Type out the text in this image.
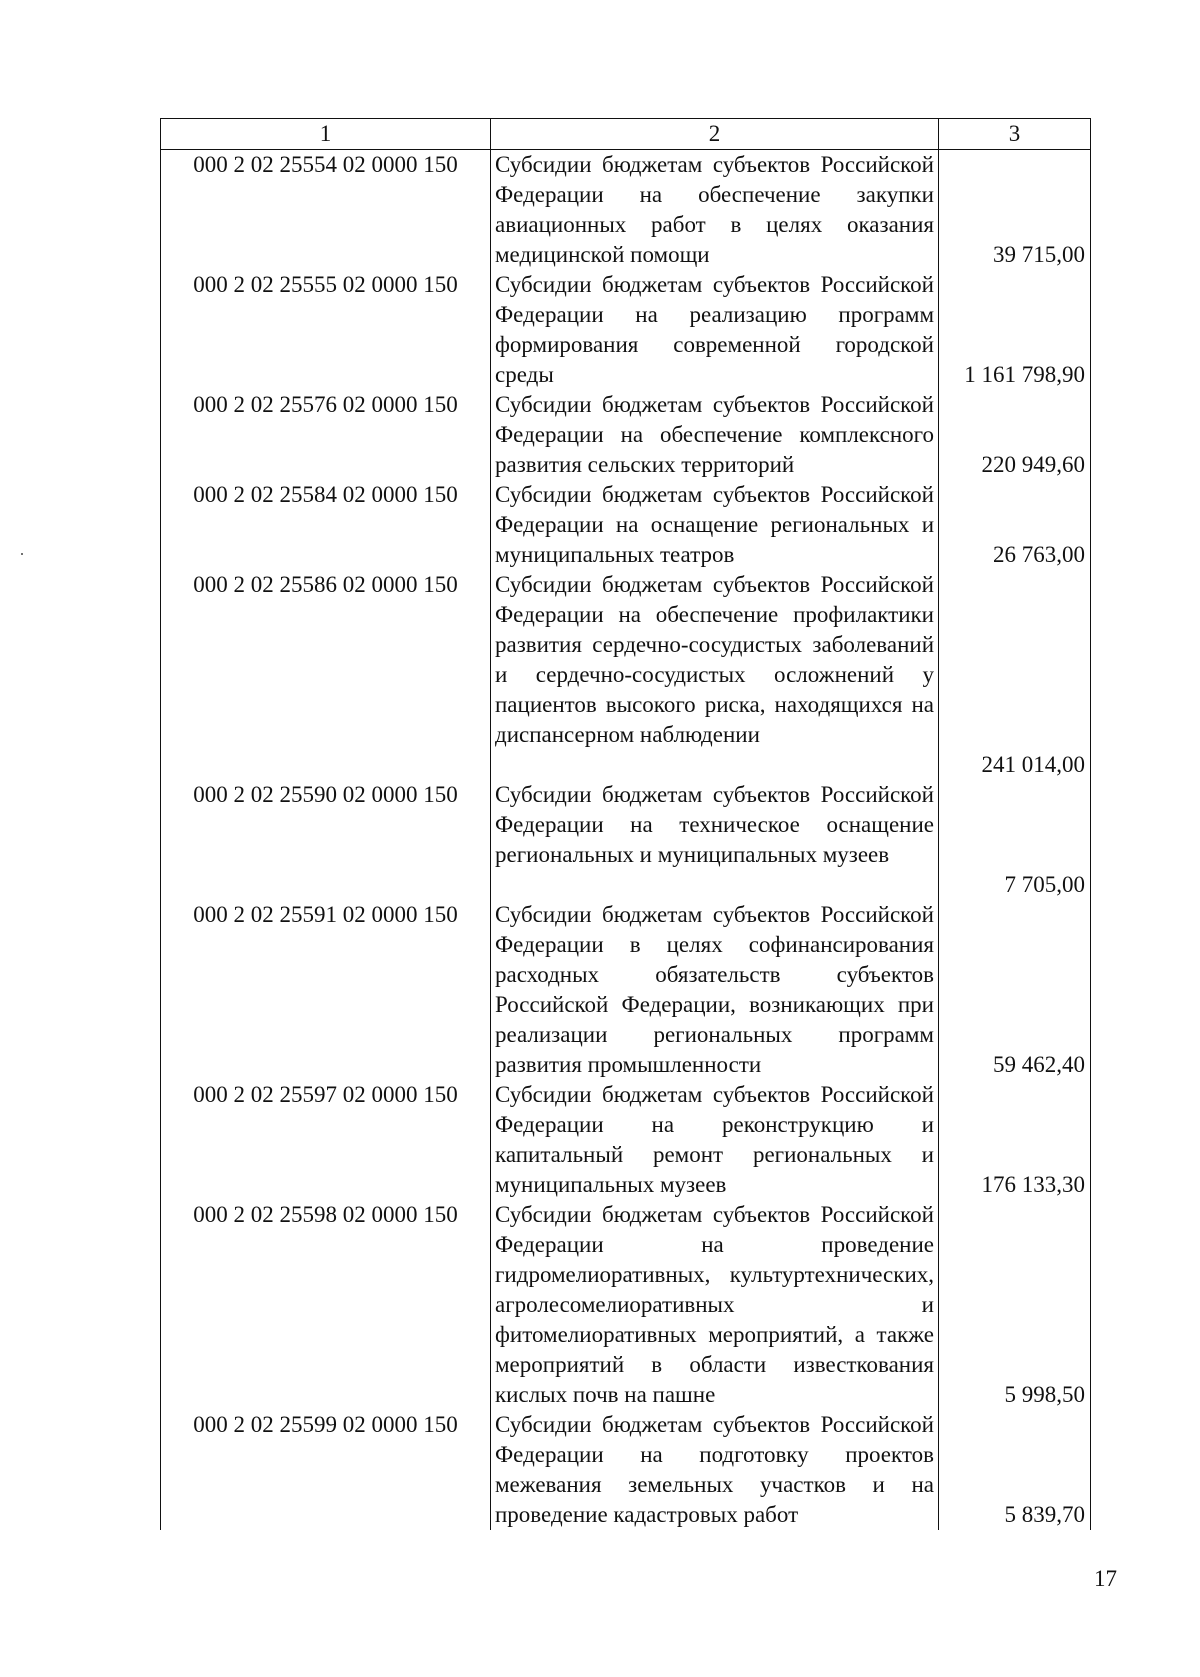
1	2	3
000 2 02 25554 02 0000 150	Субсидии бюджетам субъектов Российской Федерации на обеспечение закупки авиационных работ в целях оказания медицинской помощи	39 715,00
000 2 02 25555 02 0000 150	Субсидии бюджетам субъектов Российской Федерации на реализацию программ формирования современной городской среды	1 161 798,90
000 2 02 25576 02 0000 150	Субсидии бюджетам субъектов Российской Федерации на обеспечение комплексного развития сельских территорий	220 949,60
000 2 02 25584 02 0000 150	Субсидии бюджетам субъектов Российской Федерации на оснащение региональных и муниципальных театров	26 763,00
000 2 02 25586 02 0000 150	Субсидии бюджетам субъектов Российской Федерации на обеспечение профилактики развития сердечно-сосудистых заболеваний и сердечно-сосудистых осложнений у пациентов высокого риска, находящихся на диспансерном наблюдении	241 014,00
000 2 02 25590 02 0000 150	Субсидии бюджетам субъектов Российской Федерации на техническое оснащение региональных и муниципальных музеев	7 705,00
000 2 02 25591 02 0000 150	Субсидии бюджетам субъектов Российской Федерации в целях софинансирования расходных обязательств субъектов Российской Федерации, возникающих при реализации региональных программ развития промышленности	59 462,40
000 2 02 25597 02 0000 150	Субсидии бюджетам субъектов Российской Федерации на реконструкцию и капитальный ремонт региональных и муниципальных музеев	176 133,30
000 2 02 25598 02 0000 150	Субсидии бюджетам субъектов Российской Федерации на проведение гидромелиоративных, культуртехнических, агролесомелиоративных и фитомелиоративных мероприятий, а также мероприятий в области известкования кислых почв на пашне	5 998,50
000 2 02 25599 02 0000 150	Субсидии бюджетам субъектов Российской Федерации на подготовку проектов межевания земельных участков и на проведение кадастровых работ	5 839,70
17
